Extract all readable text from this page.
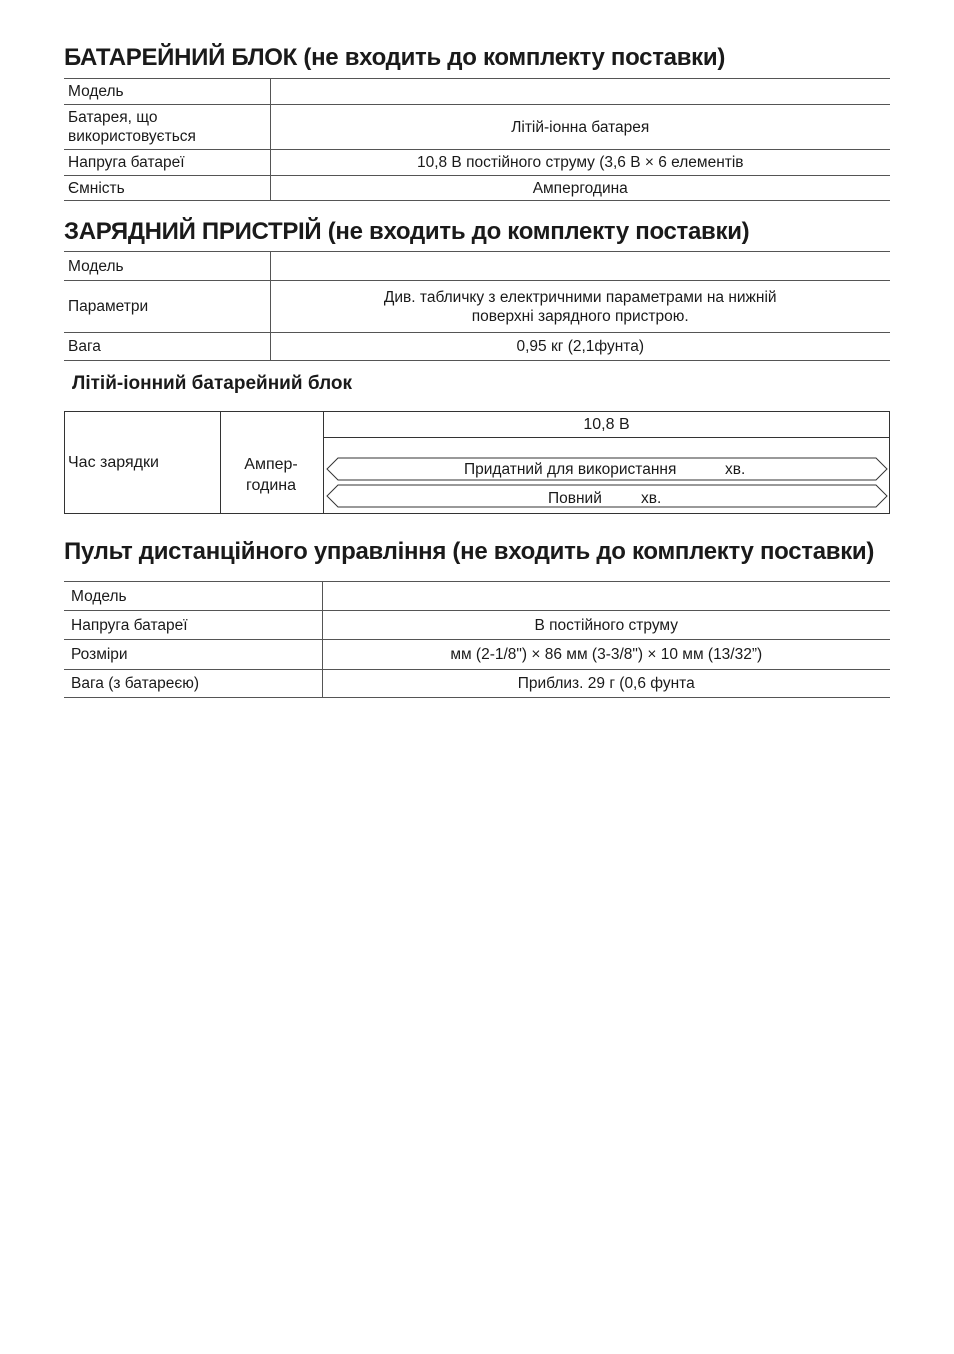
БАТАРЕЙНИЙ БЛОК (не входить до комплекту поставки)
Модель	
Батарея, що використовується	Літій-іонна батарея
Напруга батареї	10,8 В постійного струму (3,6 В × 6 елементів
Ємність	Ампергодина
ЗАРЯДНИЙ ПРИСТРІЙ (не входить до комплекту поставки)
Модель	
Параметри	Див. табличку з електричними параметрами на нижній поверхні зарядного пристрою.
Вага	0,95 кг (2,1фунта)
Літій-іонний батарейний блок
Час зарядки	Ампер-година
10,8 В
Придатний для використання	хв.
Повний	хв.
Пульт дистанційного управління (не входить до комплекту поставки)
Модель	
Напруга батареї	В постійного струму
Розміри	мм (2-1/8") × 86 мм (3-3/8") × 10 мм (13/32”)
Вага (з батареєю)	Приблиз. 29 г (0,6 фунта
